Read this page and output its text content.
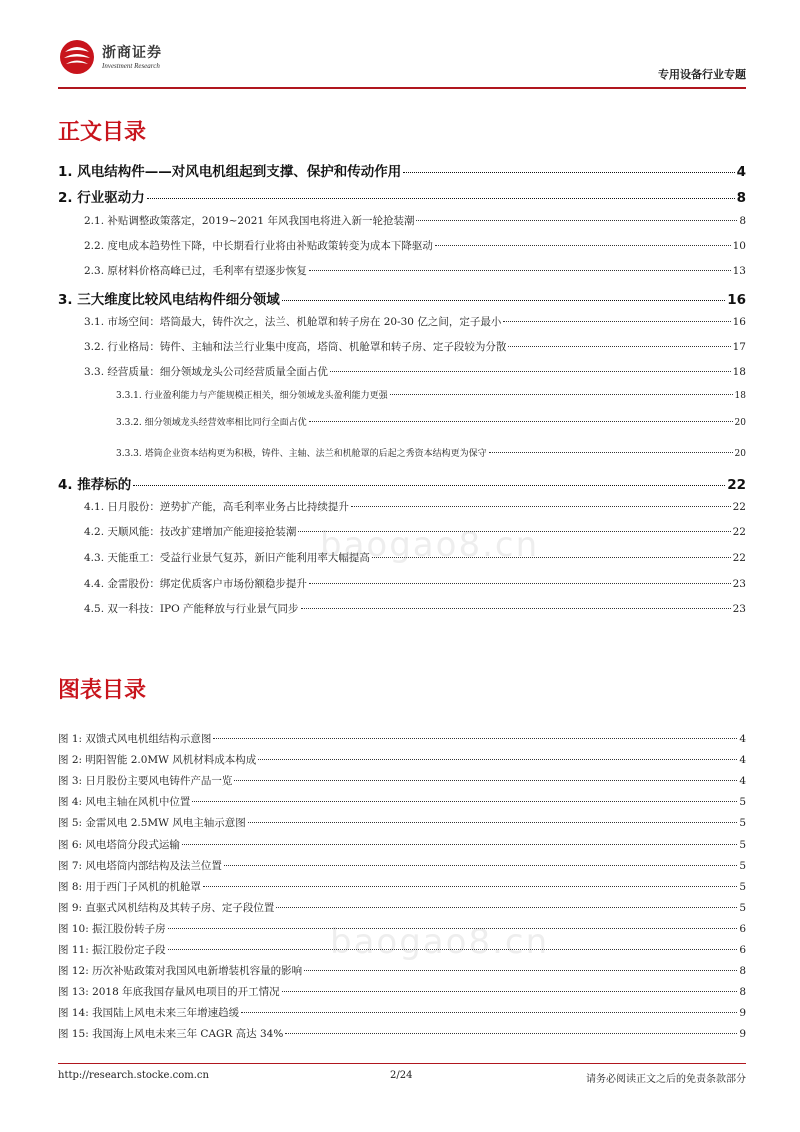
浙商证券
Investment Research
专用设备行业专题
正文目录
1. 风电结构件——对风电机组起到支撑、保护和传动作用	4
2. 行业驱动力	8
2.1. 补贴调整政策落定，2019~2021 年风我国电将进入新一轮抢装潮	8
2.2. 度电成本趋势性下降，中长期看行业将由补贴政策转变为成本下降驱动	10
2.3. 原材料价格高峰已过，毛利率有望逐步恢复	13
3. 三大维度比较风电结构件细分领域	16
3.1. 市场空间：塔筒最大，铸件次之，法兰、机舱罩和转子房在 20-30 亿之间，定子最小	16
3.2. 行业格局：铸件、主轴和法兰行业集中度高，塔筒、机舱罩和转子房、定子段较为分散	17
3.3. 经营质量：细分领域龙头公司经营质量全面占优	18
3.3.1. 行业盈利能力与产能规模正相关，细分领域龙头盈利能力更强	18
3.3.2. 细分领域龙头经营效率相比同行全面占优	20
3.3.3. 塔筒企业资本结构更为积极，铸件、主轴、法兰和机舱罩的后起之秀资本结构更为保守	20
4. 推荐标的	22
4.1. 日月股份：逆势扩产能，高毛利率业务占比持续提升	22
4.2. 天顺风能：技改扩建增加产能迎接抢装潮	22
4.3. 天能重工：受益行业景气复苏，新旧产能利用率大幅提高	22
4.4. 金雷股份：绑定优质客户市场份额稳步提升	23
4.5. 双一科技：IPO 产能释放与行业景气同步	23
baogao8.cn
baogao8.cn
图表目录
图 1: 双馈式风电机组结构示意图	4
图 2: 明阳智能 2.0MW 风机材料成本构成	4
图 3: 日月股份主要风电铸件产品一览	4
图 4: 风电主轴在风机中位置	5
图 5: 金雷风电 2.5MW 风电主轴示意图	5
图 6: 风电塔筒分段式运输	5
图 7: 风电塔筒内部结构及法兰位置	5
图 8: 用于西门子风机的机舱罩	5
图 9: 直驱式风机结构及其转子房、定子段位置	5
图 10: 振江股份转子房	6
图 11: 振江股份定子段	6
图 12: 历次补贴政策对我国风电新增装机容量的影响	8
图 13: 2018 年底我国存量风电项目的开工情况	8
图 14: 我国陆上风电未来三年增速趋缓	9
图 15: 我国海上风电未来三年 CAGR 高达 34%	9
http://research.stocke.com.cn	2/24	请务必阅读正文之后的免责条款部分
